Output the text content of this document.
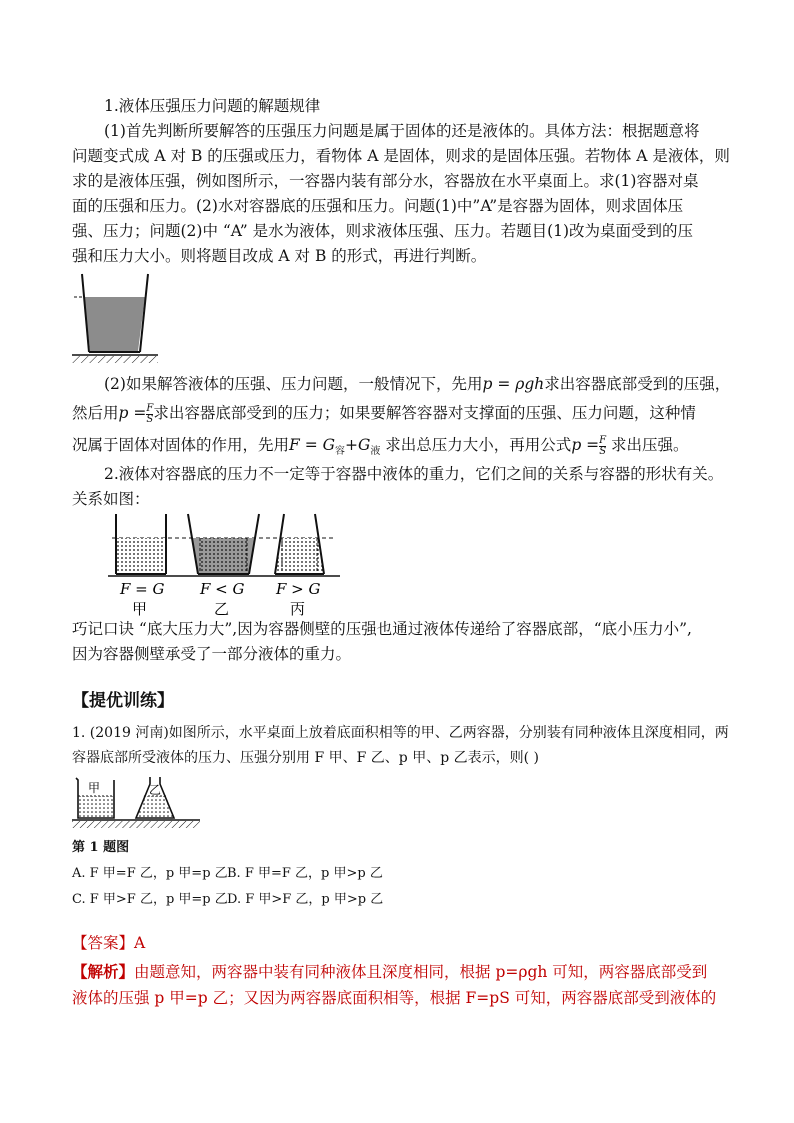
1.液体压强压力问题的解题规律
(1)首先判断所要解答的压强压力问题是属于固体的还是液体的。具体方法：根据题意将
问题变式成 A 对 B 的压强或压力，看物体 A 是固体，则求的是固体压强。若物体 A 是液体，则
求的是液体压强，例如图所示，一容器内装有部分水，容器放在水平桌面上。求(1)容器对桌
面的压强和压力。(2)水对容器底的压强和压力。问题(1)中”A”是容器为固体，则求固体压
强、压力；问题(2)中 “A” 是水为液体，则求液体压强、压力。若题目(1)改为桌面受到的压
强和压力大小。则将题目改成 A 对 B 的形式，再进行判断。
(2)如果解答液体的压强、压力问题，一般情况下，先用p = ρgh求出容器底部受到的压强，
然后用$p = \frac{F}{S}$ 求出容器底部受到的压力；如果要解答容器对支撑面的压强、压力问题，这种情
况属于固体对固体的作用，先用$F = G_容+G_液$ 求出总压力大小，再用公式$p = \frac{F}{S}$ 求出压强。
2.液体对容器底的压力不一定等于容器中液体的重力，它们之间的关系与容器的形状有关。
关系如图：
F = G F < G F > G
甲	乙	丙
巧记口诀 “底大压力大”,因为容器侧壁的压强也通过液体传递给了容器底部，“底小压力小”,
因为容器侧壁承受了一部分液体的重力。
【提优训练】
1. (2019 河南)如图所示，水平桌面上放着底面积相等的甲、乙两容器，分别装有同种液体且深度相同，两
容器底部所受液体的压力、压强分别用 F 甲、F 乙、p 甲、p 乙表示，则( )
甲	乙
第 1 题图
A. F 甲=F 乙，p 甲=p 乙 B. F 甲=F 乙，p 甲>p 乙
C. F 甲>F 乙，p 甲=p 乙 D. F 甲>F 乙，p 甲>p 乙
【答案】A
【解析】由题意知，两容器中装有同种液体且深度相同，根据 p=ρgh 可知，两容器底部受到
液体的压强 p 甲=p 乙；又因为两容器底面积相等，根据 F=pS 可知，两容器底部受到液体的
